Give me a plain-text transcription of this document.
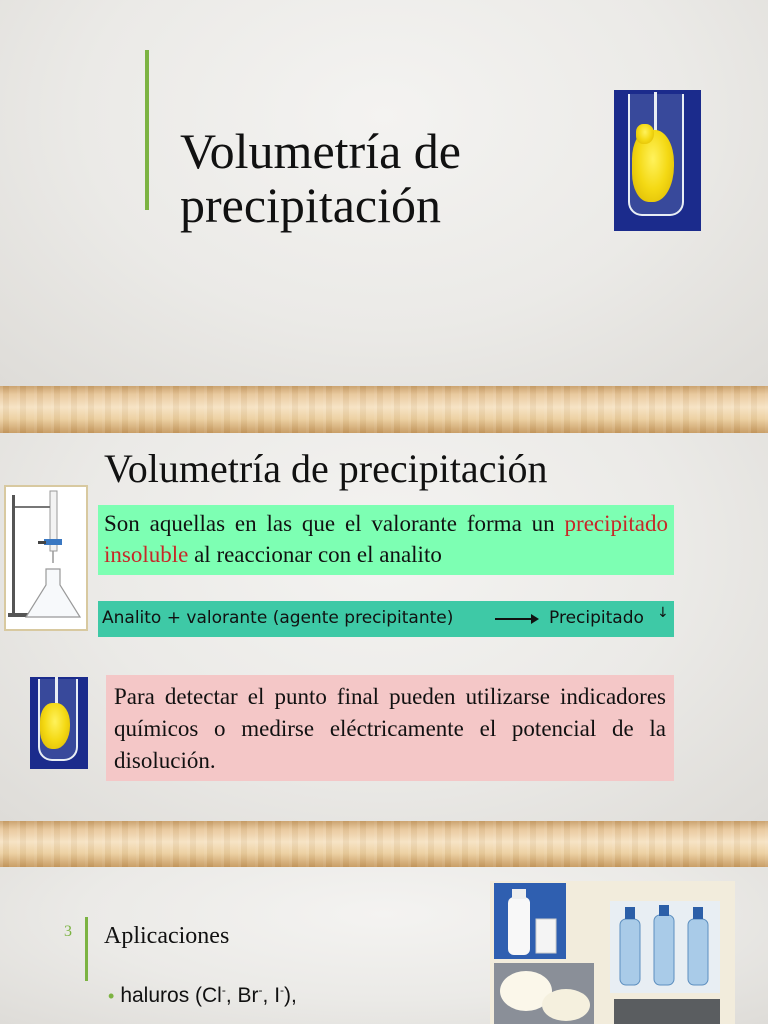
Volumetría de
precipitación
Volumetría de precipitación

Son aquellas en las que el valorante forma un precipitado insoluble al reaccionar con el analito

Analito + valorante (agente precipitante)	→ Precipitado ↓

Para detectar el punto final pueden utilizarse indicadores químicos o medirse eléctricamente el potencial de la disolución.

3 Aplicaciones
• haluros (Cl-, Br-, I-),
